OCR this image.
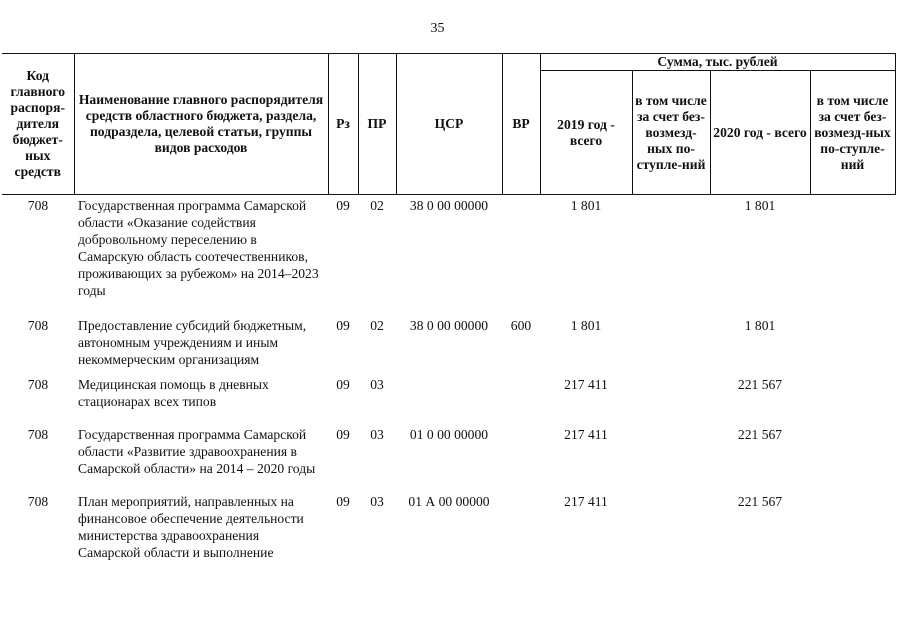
35
Код главного распоря-дителя бюджет-ных средств	Наименование главного распорядителя средств областного бюджета, раздела, подраздела, целевой статьи, группы видов расходов	Рз	ПР	ЦСР	ВР	Сумма, тыс. рублей			
						2019 год - всего	в том числе за счет без-возмезд-ных по-ступле-ний	2020 год - всего	в том числе за счет без-возмезд-ных по-ступле-ний
708	Государственная программа Самарской области «Оказание содействия добровольному переселению в Самарскую область соотечественников, проживающих за рубежом» на 2014–2023 годы	09	02	38 0 00 00000		1 801		1 801	
708	Предоставление субсидий бюджетным, автономным учреждениям и иным некоммерческим организациям	09	02	38 0 00 00000	600	1 801		1 801	
708	Медицинская помощь в дневных стационарах всех типов	09	03			217 411		221 567	
708	Государственная программа Самарской области «Развитие здравоохранения в Самарской области» на 2014 – 2020 годы	09	03	01 0 00 00000		217 411		221 567	
708	План мероприятий, направленных на финансовое обеспечение деятельности министерства здравоохранения Самарской области и выполнение	09	03	01 А 00 00000		217 411		221 567	
